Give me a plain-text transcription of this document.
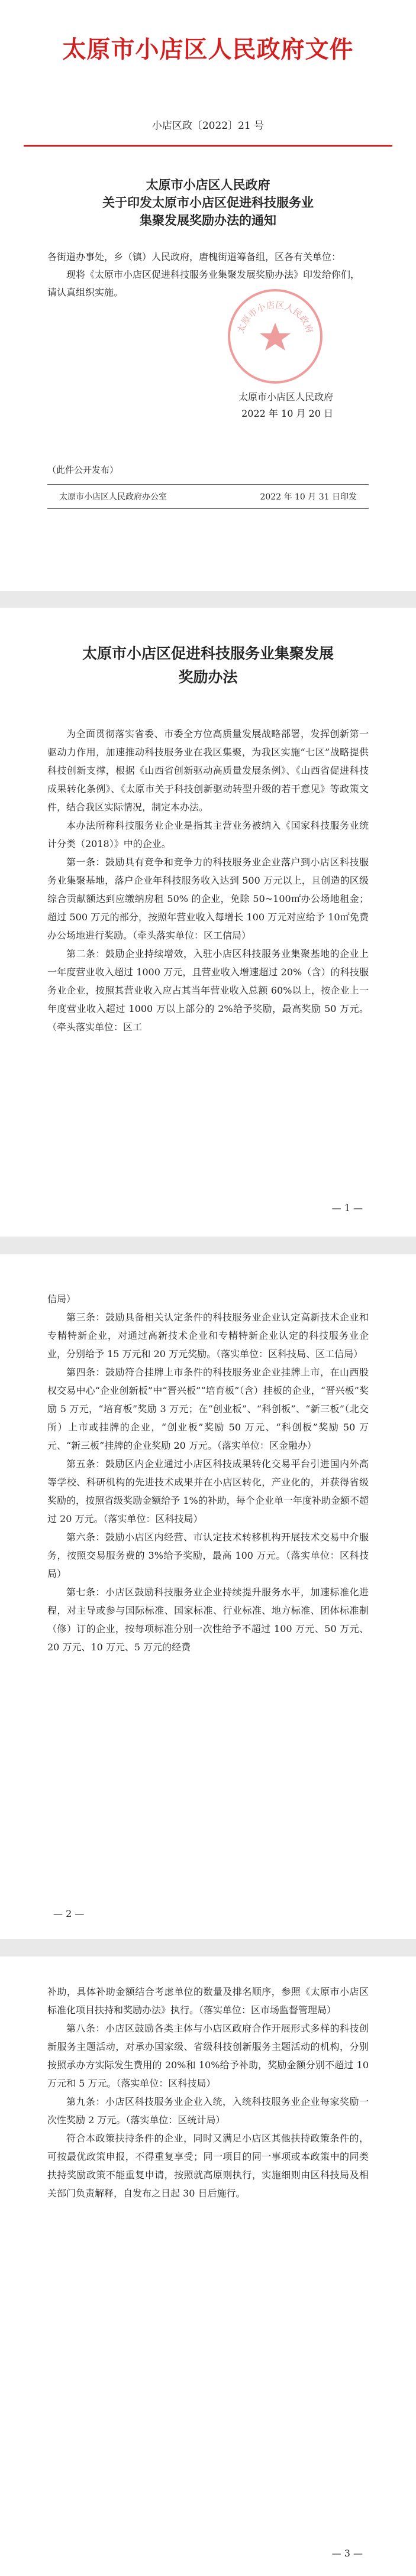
太原市小店区人民政府文件
小店区政〔2022〕21 号
太原市小店区人民政府
关于印发太原市小店区促进科技服务业
集聚发展奖励办法的通知
各街道办事处，乡（镇）人民政府，唐槐街道筹备组，区各有关单位：
现将《太原市小店区促进科技服务业集聚发展奖励办法》印发给你们，请认真组织实施。
太原市小店区人民政府
2022 年 10 月 20 日
太原市小店区人民政府
（此件公开发布）
太原市小店区人民政府办公室	2022 年 10 月 31 日印发
太原市小店区促进科技服务业集聚发展
奖励办法

为全面贯彻落实省委、市委全方位高质量发展战略部署，发挥创新第一驱动力作用，加速推动科技服务业在我区集聚，为我区实施“七区”战略提供科技创新支撑，根据《山西省创新驱动高质量发展条例》、《山西省促进科技成果转化条例》、《太原市关于科技创新驱动转型升级的若干意见》等政策文件，结合我区实际情况，制定本办法。

本办法所称科技服务业企业是指其主营业务被纳入《国家科技服务业统计分类（2018）》中的企业。

第一条：鼓励具有竞争和竞争力的科技服务业企业落户到小店区科技服务业集聚基地，落户企业年科技服务收入达到 500 万元以上，且创造的区级综合贡献额达到应缴纳房租 50% 的企业，免除 50~100㎡办公场地租金；超过 500 万元的部分，按照年营业收入每增长 100 万元对应给予 10㎡免费办公场地进行奖励。（牵头落实单位：区工信局）

第二条：鼓励企业持续增效，入驻小店区科技服务业集聚基地的企业上一年度营业收入超过 1000 万元，且营业收入增速超过 20%（含）的科技服务业企业，按照其营业收入应占其当年营业收入总额 60%以上，按企业上一年度营业收入超过 1000 万以上部分的 2%给予奖励，最高奖励 50 万元。（牵头落实单位：区工

— 1 —

信局）

第三条：鼓励具备相关认定条件的科技服务业企业认定高新技术企业和专精特新企业，对通过高新技术企业和专精特新企业认定的科技服务业企业，分别给予 15 万元和 20 万元奖励。（落实单位：区科技局、区工信局）

第四条：鼓励符合挂牌上市条件的科技服务业企业挂牌上市，在山西股权交易中心“企业创新板”中“晋兴板”“培育板”（含）挂板的企业，“晋兴板”奖励 5 万元，“培育板”奖励 3 万元；在“创业板”、“科创板”、“新三板”（北交所）上市或挂牌的企业，“创业板”奖励 50 万元、“科创板”奖励 50 万元、“新三板”挂牌的企业奖励 20 万元。（落实单位：区金融办）

第五条：鼓励区内企业通过小店区科技成果转化交易平台引进国内外高等学校、科研机构的先进技术成果并在小店区转化，产业化的，并获得省级奖励的，按照省级奖励金额给予 1%的补助，每个企业单一年度补助金额不超过 20 万元。（落实单位：区科技局）

第六条：鼓励小店区内经营、市认定技术转移机构开展技术交易中介服务，按照交易服务费的 3%给予奖励，最高 100 万元。（落实单位：区科技局）

第七条：小店区鼓励科技服务业企业持续提升服务水平，加速标准化进程，对主导或参与国际标准、国家标准、行业标准、地方标准、团体标准制（修）订的企业，按每项标准分别一次性给予不超过 100 万元、50 万元、20 万元、10 万元、5 万元的经费

— 2 —

补助，具体补助金额结合考虑单位的数量及排名顺序，参照《太原市小店区标准化项目扶持和奖励办法》执行。（落实单位：区市场监督管理局）

第八条：小店区鼓励各类主体与小店区政府合作开展形式多样的科技创新服务主题活动，对承办国家级、省级科技创新服务主题活动的机构，分别按照承办方实际发生费用的 20%和 10%给予补助，奖励金额分别不超过 10 万元和 5 万元。（落实单位：区科技局）

第九条：小店区科技服务业企业入统，入统科技服务业企业每家奖励一次性奖励 2 万元。（落实单位：区统计局）

符合本政策扶持条件的企业，同时又满足小店区其他扶持政策条件的，可按最优政策申报，不得重复享受；同一项目的同一事项或本政策中的同类扶持奖励政策不能重复申请，按照就高原则执行，实施细则由区科技局及相关部门负责解释，自发布之日起 30 日后施行。

— 3 —
